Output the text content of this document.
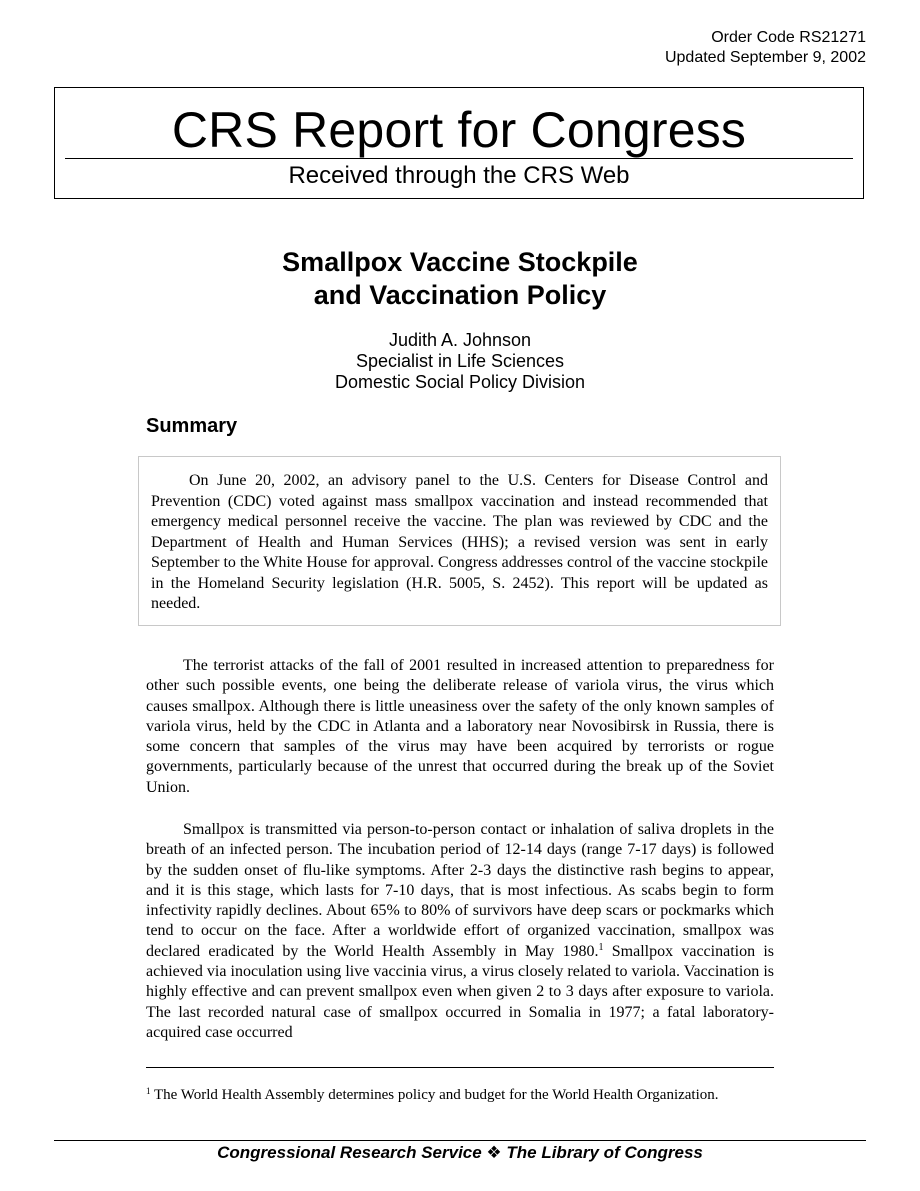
Order Code RS21271
Updated September 9, 2002
CRS Report for Congress
Received through the CRS Web
Smallpox Vaccine Stockpile
and Vaccination Policy
Judith A. Johnson
Specialist in Life Sciences
Domestic Social Policy Division
Summary

On June 20, 2002, an advisory panel to the U.S. Centers for Disease Control and Prevention (CDC) voted against mass smallpox vaccination and instead recommended that emergency medical personnel receive the vaccine. The plan was reviewed by CDC and the Department of Health and Human Services (HHS); a revised version was sent in early September to the White House for approval. Congress addresses control of the vaccine stockpile in the Homeland Security legislation (H.R. 5005, S. 2452). This report will be updated as needed.

The terrorist attacks of the fall of 2001 resulted in increased attention to preparedness for other such possible events, one being the deliberate release of variola virus, the virus which causes smallpox. Although there is little uneasiness over the safety of the only known samples of variola virus, held by the CDC in Atlanta and a laboratory near Novosibirsk in Russia, there is some concern that samples of the virus may have been acquired by terrorists or rogue governments, particularly because of the unrest that occurred during the break up of the Soviet Union.

Smallpox is transmitted via person-to-person contact or inhalation of saliva droplets in the breath of an infected person. The incubation period of 12-14 days (range 7-17 days) is followed by the sudden onset of flu-like symptoms. After 2-3 days the distinctive rash begins to appear, and it is this stage, which lasts for 7-10 days, that is most infectious. As scabs begin to form infectivity rapidly declines. About 65% to 80% of survivors have deep scars or pockmarks which tend to occur on the face. After a worldwide effort of organized vaccination, smallpox was declared eradicated by the World Health Assembly in May 1980.$^1$ Smallpox vaccination is achieved via inoculation using live vaccinia virus, a virus closely related to variola. Vaccination is highly effective and can prevent smallpox even when given 2 to 3 days after exposure to variola. The last recorded natural case of smallpox occurred in Somalia in 1977; a fatal laboratory-acquired case occurred

$^1$ The World Health Assembly determines policy and budget for the World Health Organization.
Congressional Research Service ❖ The Library of Congress
